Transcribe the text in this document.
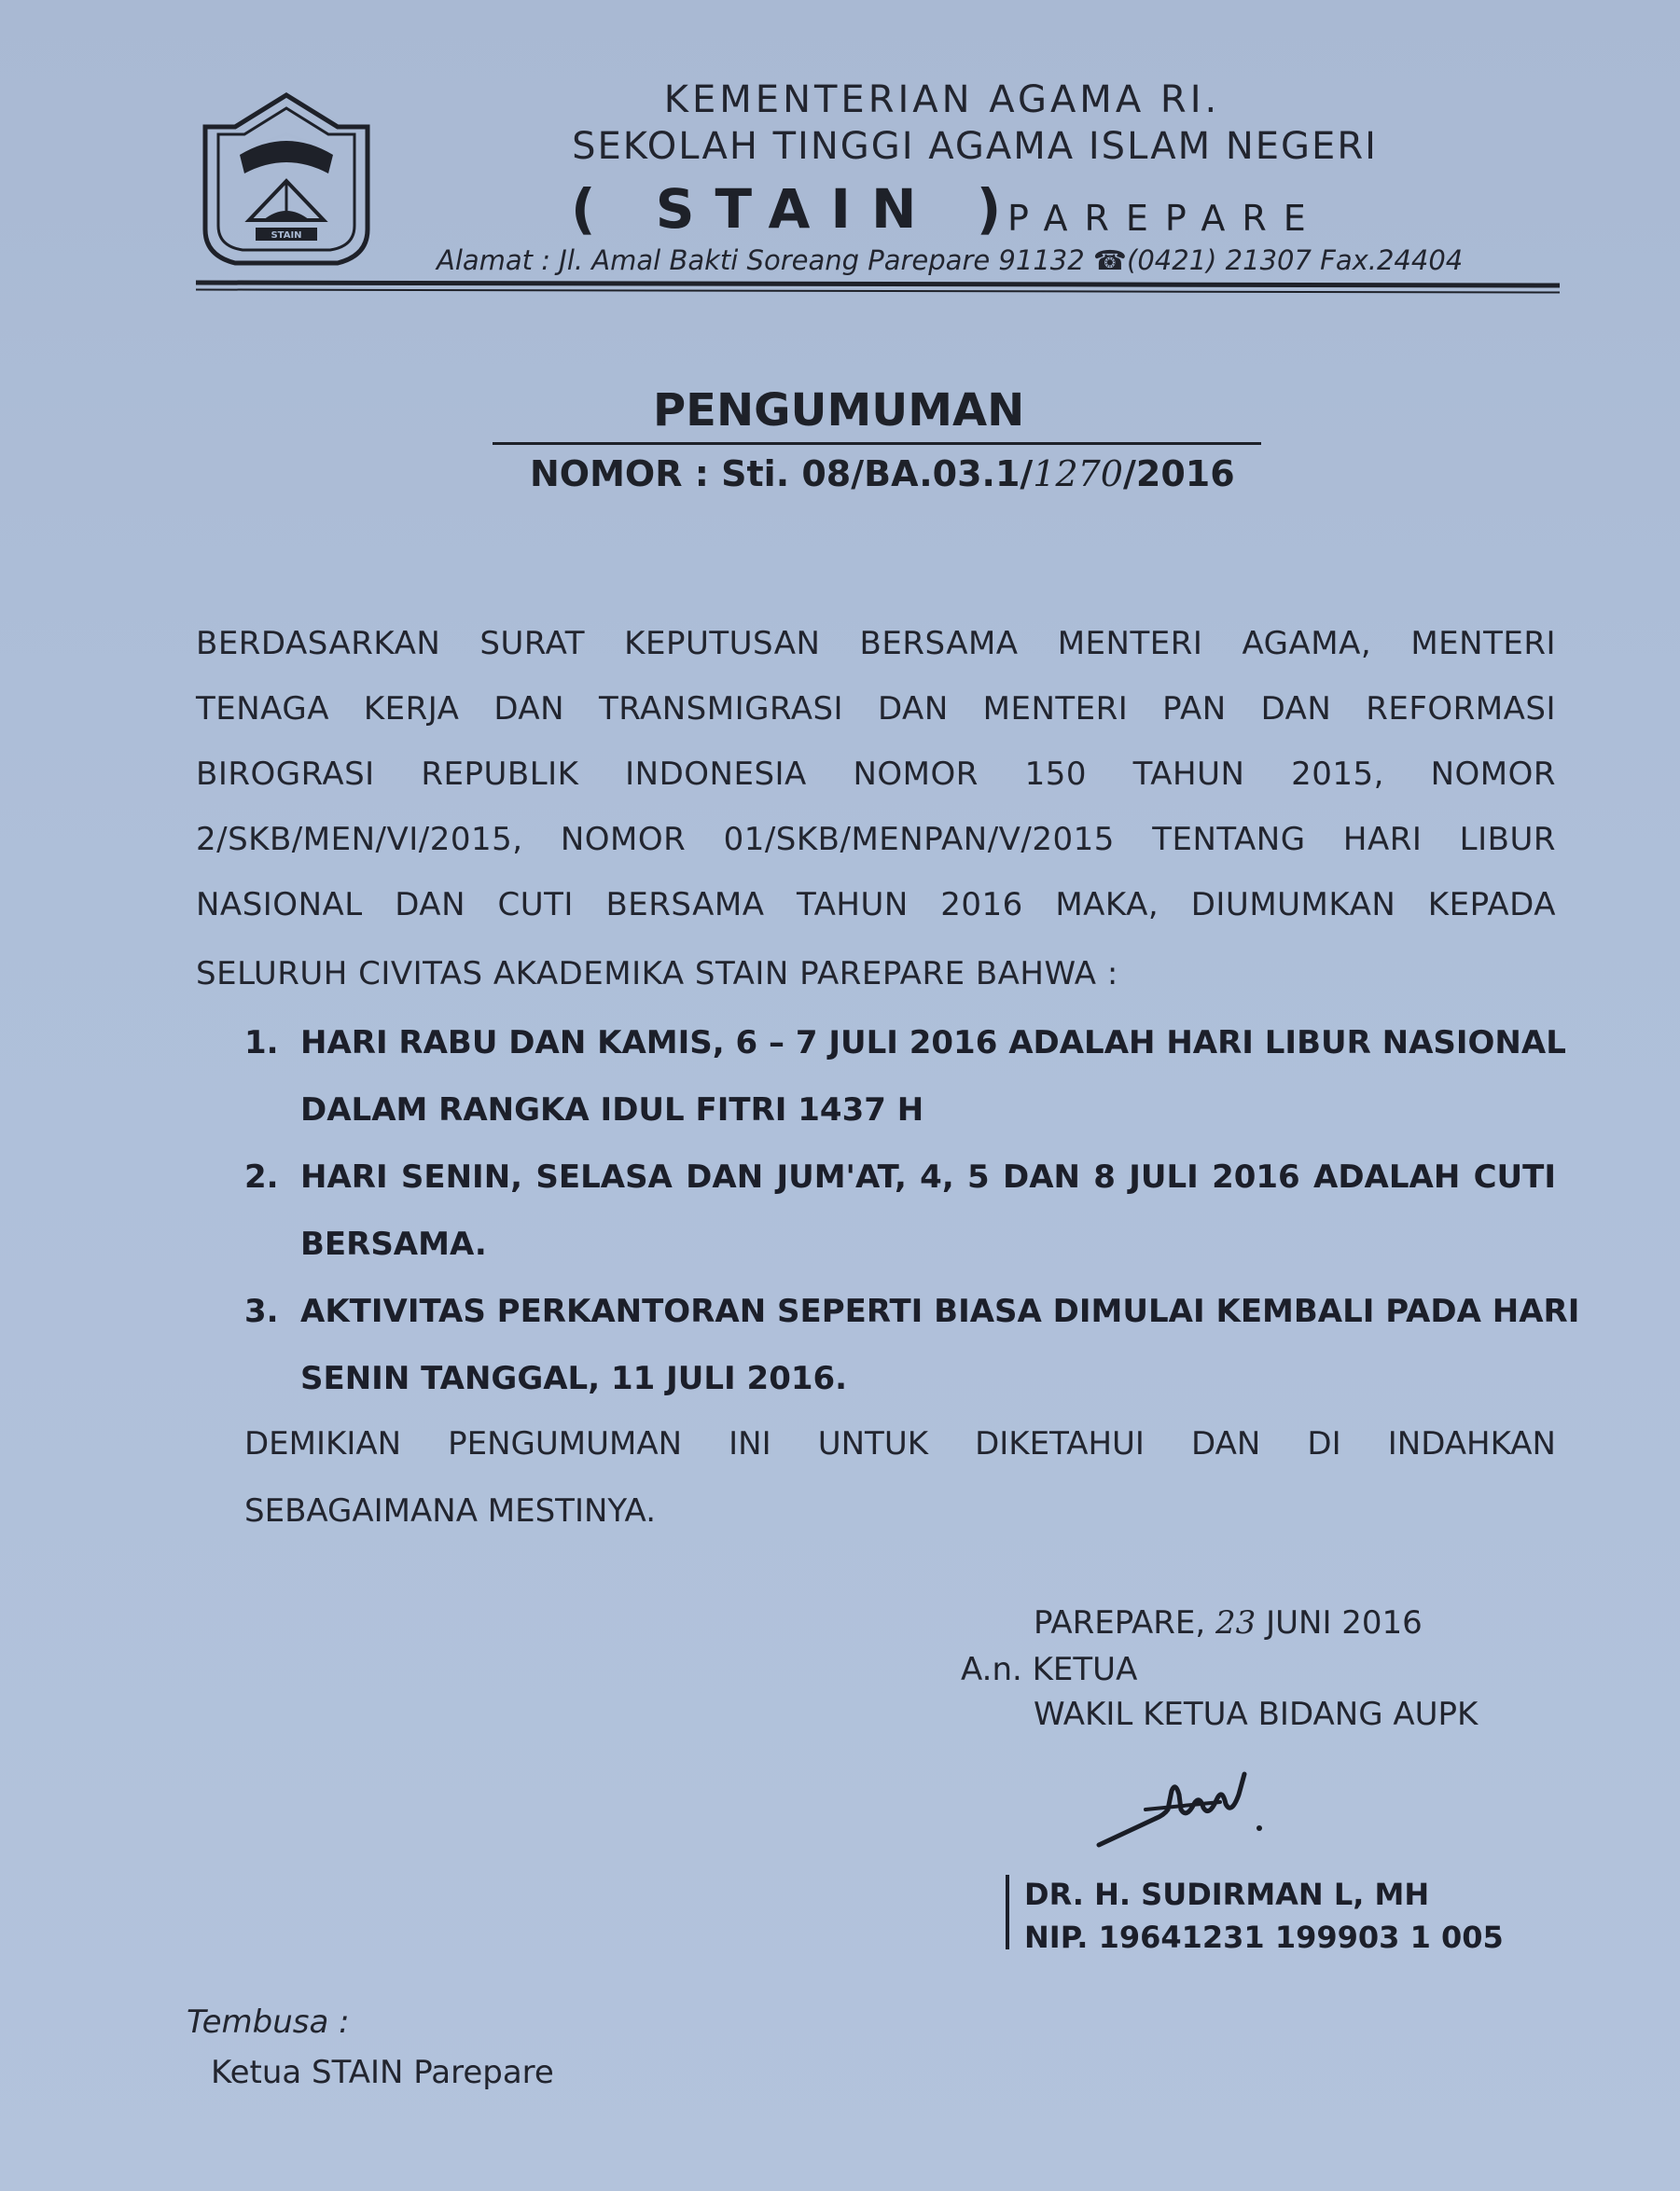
STAIN
KEMENTERIAN AGAMA RI.
SEKOLAH TINGGI AGAMA ISLAM NEGERI
( STAIN )
PAREPARE
Alamat : Jl. Amal Bakti Soreang Parepare 91132 ☎(0421) 21307 Fax.24404
PENGUMUMAN
NOMOR : Sti. 08/BA.03.1/1270/2016
BERDASARKAN SURAT KEPUTUSAN BERSAMA MENTERI AGAMA, MENTERI
TENAGA KERJA DAN TRANSMIGRASI DAN MENTERI PAN DAN REFORMASI
BIROGRASI REPUBLIK INDONESIA NOMOR 150 TAHUN 2015, NOMOR
2/SKB/MEN/VI/2015, NOMOR 01/SKB/MENPAN/V/2015 TENTANG HARI LIBUR
NASIONAL DAN CUTI BERSAMA TAHUN 2016 MAKA, DIUMUMKAN KEPADA
SELURUH CIVITAS AKADEMIKA STAIN PAREPARE BAHWA :
1. HARI RABU DAN KAMIS, 6 – 7 JULI 2016 ADALAH HARI LIBUR NASIONAL
DALAM RANGKA IDUL FITRI 1437 H
2. HARI SENIN, SELASA DAN JUM'AT, 4, 5 DAN 8 JULI 2016 ADALAH CUTI
BERSAMA.
3. AKTIVITAS PERKANTORAN SEPERTI BIASA DIMULAI KEMBALI PADA HARI
SENIN TANGGAL, 11 JULI 2016.
DEMIKIAN PENGUMUMAN INI UNTUK DIKETAHUI DAN DI INDAHKAN
SEBAGAIMANA MESTINYA.
PAREPARE, 23 JUNI 2016
A.n. KETUA
WAKIL KETUA BIDANG AUPK
DR. H. SUDIRMAN L, MH
NIP. 19641231 199903 1 005
Tembusa :
Ketua STAIN Parepare
